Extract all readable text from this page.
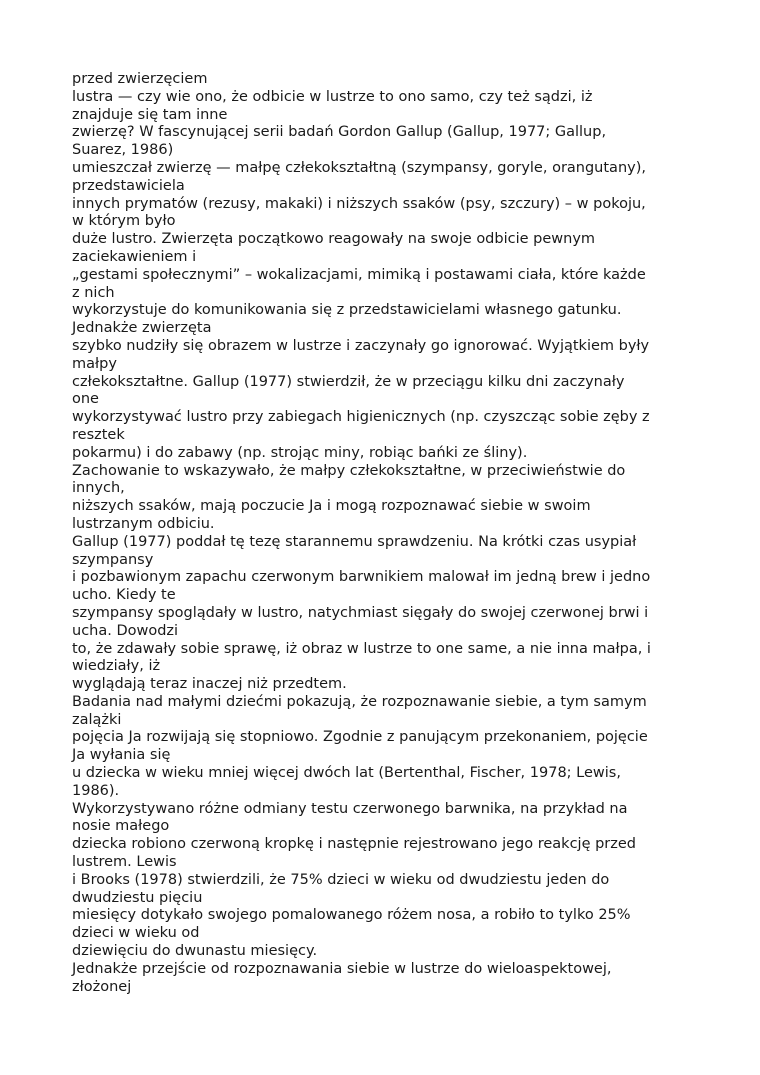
przed zwierzęciem
lustra — czy wie ono, że odbicie w lustrze to ono samo, czy też sądzi, iż
znajduje się tam inne
zwierzę? W fascynującej serii badań Gordon Gallup (Gallup, 1977; Gallup,
Suarez, 1986)
umieszczał zwierzę — małpę człekokształtną (szympansy, goryle, orangutany),
przedstawiciela
innych prymatów (rezusy, makaki) i niższych ssaków (psy, szczury) – w pokoju,
w którym było
duże lustro. Zwierzęta początkowo reagowały na swoje odbicie pewnym
zaciekawieniem i
„gestami społecznymi” – wokalizacjami, mimiką i postawami ciała, które każde
z nich
wykorzystuje do komunikowania się z przedstawicielami własnego gatunku.
Jednakże zwierzęta
szybko nudziły się obrazem w lustrze i zaczynały go ignorować. Wyjątkiem były
małpy
człekokształtne. Gallup (1977) stwierdził, że w przeciągu kilku dni zaczynały
one
wykorzystywać lustro przy zabiegach higienicznych (np. czyszcząc sobie zęby z
resztek
pokarmu) i do zabawy (np. strojąc miny, robiąc bańki ze śliny).
Zachowanie to wskazywało, że małpy człekokształtne, w przeciwieństwie do
innych,
niższych ssaków, mają poczucie Ja i mogą rozpoznawać siebie w swoim
lustrzanym odbiciu.
Gallup (1977) poddał tę tezę starannemu sprawdzeniu. Na krótki czas usypiał
szympansy
i pozbawionym zapachu czerwonym barwnikiem malował im jedną brew i jedno
ucho. Kiedy te
szympansy spoglądały w lustro, natychmiast sięgały do swojej czerwonej brwi i
ucha. Dowodzi
to, że zdawały sobie sprawę, iż obraz w lustrze to one same, a nie inna małpa, i
wiedziały, iż
wyglądają teraz inaczej niż przedtem.
Badania nad małymi dziećmi pokazują, że rozpoznawanie siebie, a tym samym
zalążki
pojęcia Ja rozwijają się stopniowo. Zgodnie z panującym przekonaniem, pojęcie
Ja wyłania się
u dziecka w wieku mniej więcej dwóch lat (Bertenthal, Fischer, 1978; Lewis,
1986).
Wykorzystywano różne odmiany testu czerwonego barwnika, na przykład na
nosie małego
dziecka robiono czerwoną kropkę i następnie rejestrowano jego reakcję przed
lustrem. Lewis
i Brooks (1978) stwierdzili, że 75% dzieci w wieku od dwudziestu jeden do
dwudziestu pięciu
miesięcy dotykało swojego pomalowanego różem nosa, a robiło to tylko 25%
dzieci w wieku od
dziewięciu do dwunastu miesięcy.
Jednakże przejście od rozpoznawania siebie w lustrze do wieloaspektowej,
złożonej
